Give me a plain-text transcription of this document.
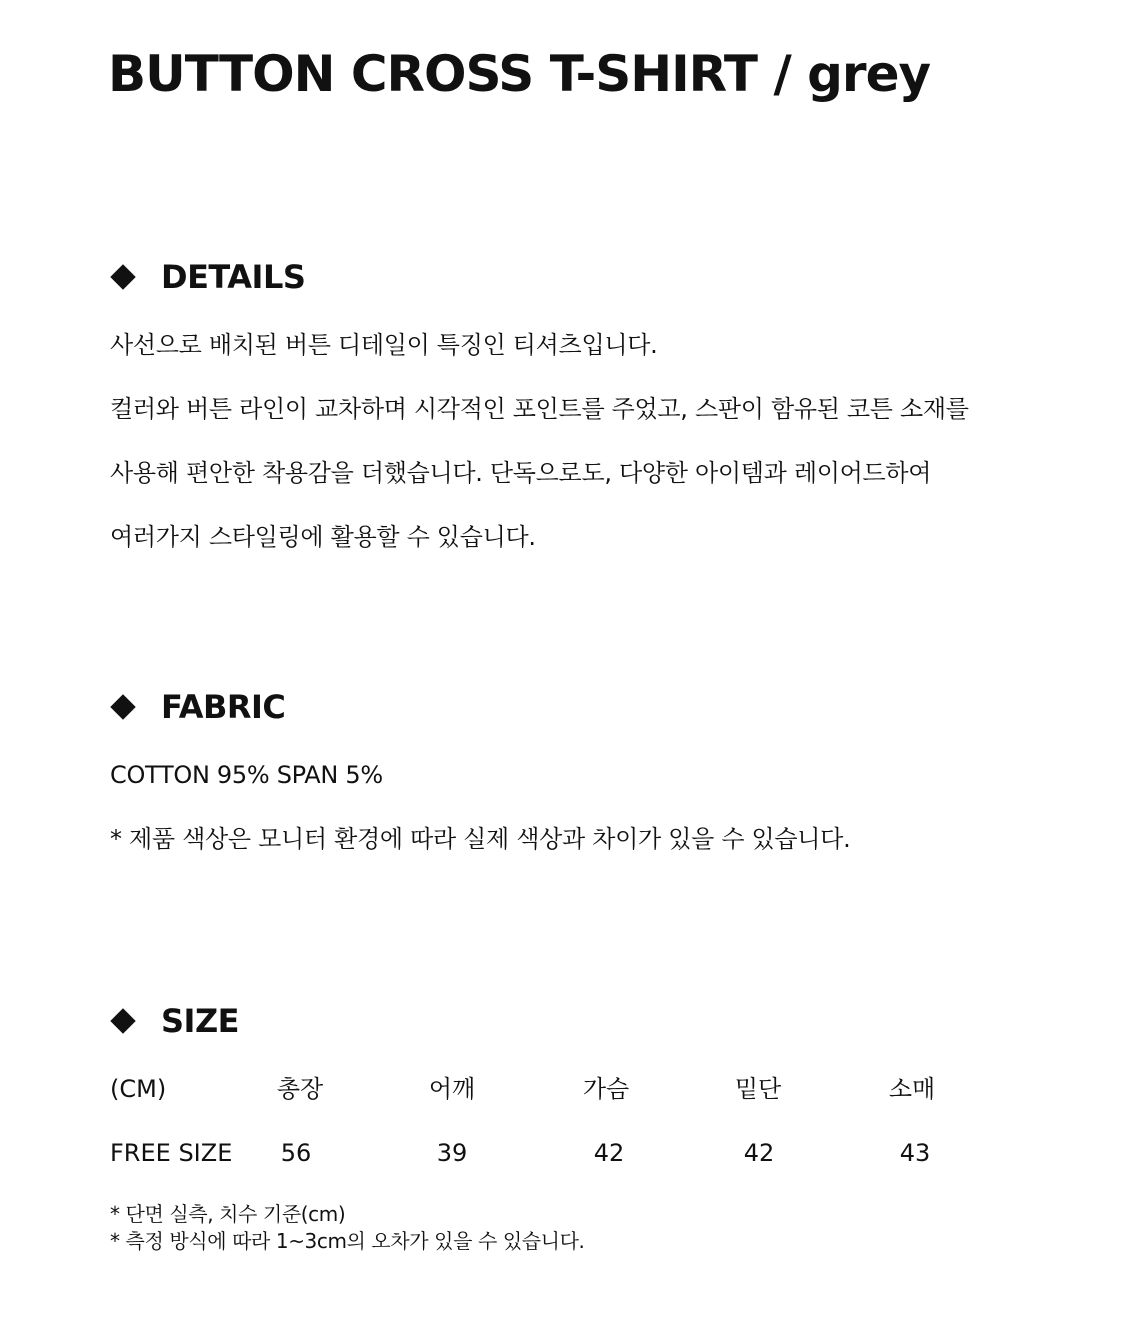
BUTTON CROSS T-SHIRT / grey
DETAILS
사선으로 배치된 버튼 디테일이 특징인 티셔츠입니다.
컬러와 버튼 라인이 교차하며 시각적인 포인트를 주었고, 스판이 함유된 코튼 소재를
사용해 편안한 착용감을 더했습니다. 단독으로도, 다양한 아이템과 레이어드하여
여러가지 스타일링에 활용할 수 있습니다.
FABRIC
COTTON 95% SPAN 5%
* 제품 색상은 모니터 환경에 따라 실제 색상과 차이가 있을 수 있습니다.
SIZE
(CM)	총장	어깨	가슴	밑단	소매
FREE SIZE	56	39	42	42	43
* 단면 실측, 치수 기준(cm)
* 측정 방식에 따라 1~3cm의 오차가 있을 수 있습니다.
